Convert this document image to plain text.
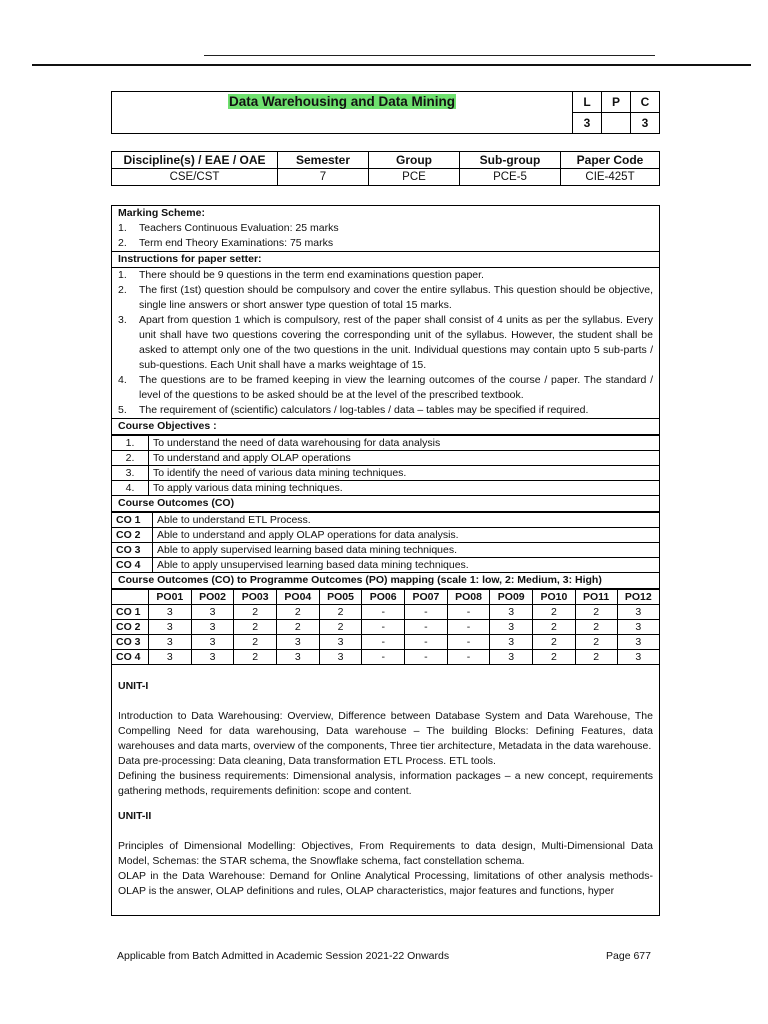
Data Warehousing and Data Mining	L	P	C
	3		3
Discipline(s) / EAE / OAE	Semester	Group	Sub-group	Paper Code
CSE/CST	7	PCE	PCE-5	CIE-425T
Marking Scheme:
1.	Teachers Continuous Evaluation: 25 marks
2.	Term end Theory Examinations: 75 marks
Instructions for paper setter:
1.	There should be 9 questions in the term end examinations question paper.
2.	The first (1st) question should be compulsory and cover the entire syllabus. This question should be objective, single line answers or short answer type question of total 15 marks.
3.	Apart from question 1 which is compulsory, rest of the paper shall consist of 4 units as per the syllabus. Every unit shall have two questions covering the corresponding unit of the syllabus. However, the student shall be asked to attempt only one of the two questions in the unit. Individual questions may contain upto 5 sub-parts / sub-questions. Each Unit shall have a marks weightage of 15.
4.	The questions are to be framed keeping in view the learning outcomes of the course / paper. The standard / level of the questions to be asked should be at the level of the prescribed textbook.
5.	The requirement of (scientific) calculators / log-tables / data – tables may be specified if required.
Course Objectives :
1.	To understand the need of data warehousing for data analysis
2.	To understand and apply OLAP operations
3.	To identify the need of various data mining techniques.
4.	To apply various data mining techniques.
Course Outcomes (CO)
CO 1	Able to understand ETL Process.
CO 2	Able to understand and apply OLAP operations for data analysis.
CO 3	Able to apply supervised learning based data mining techniques.
CO 4	Able to apply unsupervised learning based data mining techniques.
Course Outcomes (CO) to Programme Outcomes (PO) mapping (scale 1: low, 2: Medium, 3: High)
	PO01	PO02	PO03	PO04	PO05	PO06	PO07	PO08	PO09	PO10	PO11	PO12
CO 1	3	3	2	2	2	-	-	-	3	2	2	3
CO 2	3	3	2	2	2	-	-	-	3	2	2	3
CO 3	3	3	2	3	3	-	-	-	3	2	2	3
CO 4	3	3	2	3	3	-	-	-	3	2	2	3

UNIT-I

Introduction to Data Warehousing: Overview, Difference between Database System and Data Warehouse, The Compelling Need for data warehousing, Data warehouse – The building Blocks: Defining Features, data warehouses and data marts, overview of the components, Three tier architecture, Metadata in the data warehouse.

Data pre-processing: Data cleaning, Data transformation ETL Process. ETL tools.

Defining the business requirements: Dimensional analysis, information packages – a new concept, requirements gathering methods, requirements definition: scope and content.

UNIT-II

Principles of Dimensional Modelling: Objectives, From Requirements to data design, Multi-Dimensional Data Model, Schemas: the STAR schema, the Snowflake schema, fact constellation schema.

OLAP in the Data Warehouse: Demand for Online Analytical Processing, limitations of other analysis methods-OLAP is the answer, OLAP definitions and rules, OLAP characteristics, major features and functions, hyper

Applicable from Batch Admitted in Academic Session 2021-22 Onwards	Page 677
